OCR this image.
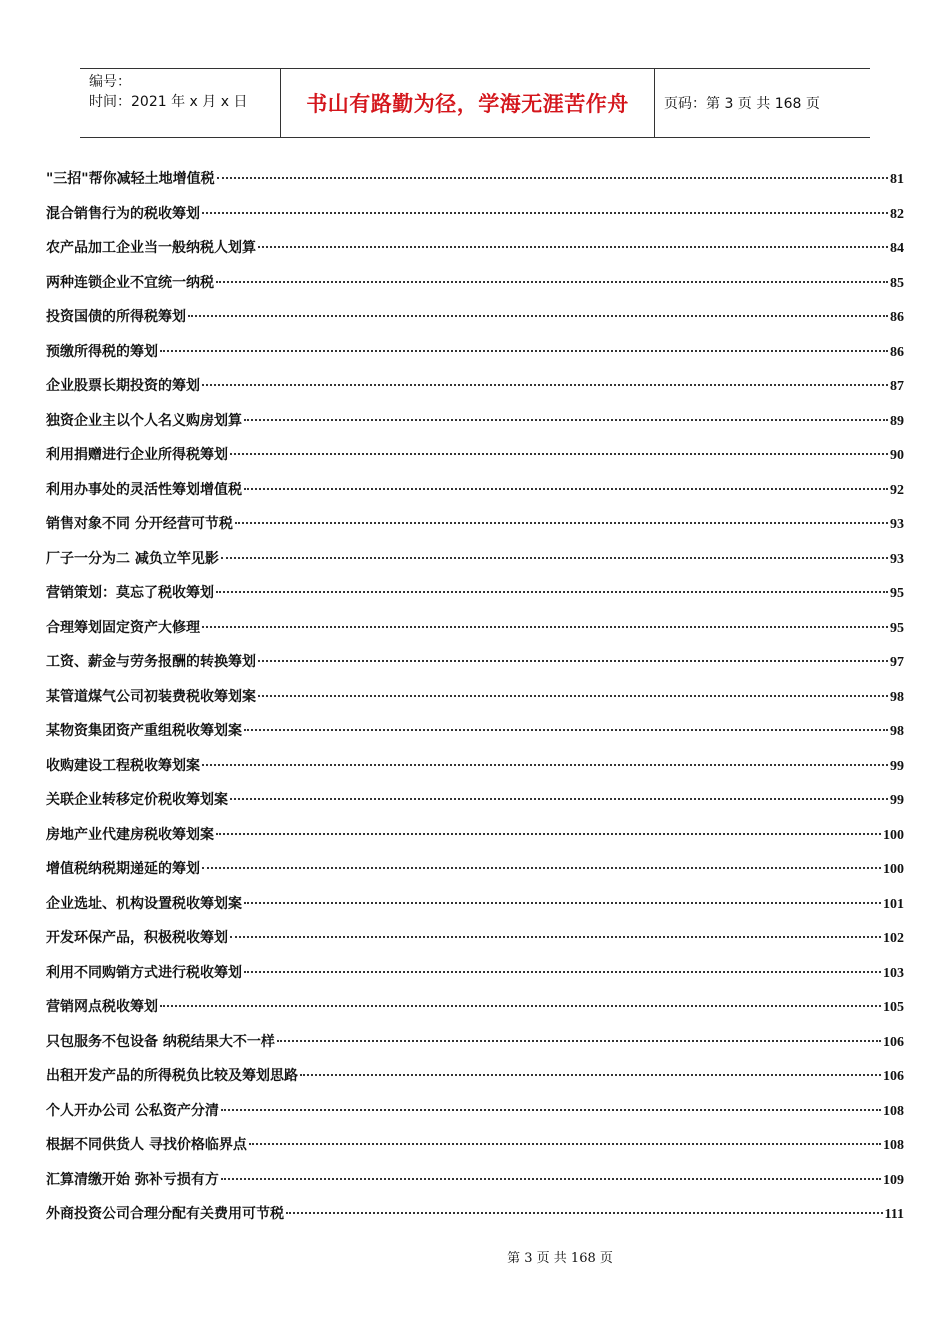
编号：
时间：2021 年 x 月 x 日	书山有路勤为径，学海无涯苦作舟	页码：第 3 页 共 168 页
"三招"帮你减轻土地增值税	81
混合销售行为的税收筹划	82
农产品加工企业当一般纳税人划算	84
两种连锁企业不宜统一纳税	85
投资国债的所得税筹划	86
预缴所得税的筹划	86
企业股票长期投资的筹划	87
独资企业主以个人名义购房划算	89
利用捐赠进行企业所得税筹划	90
利用办事处的灵活性筹划增值税	92
销售对象不同 分开经营可节税	93
厂子一分为二 减负立竿见影	93
营销策划：莫忘了税收筹划	95
合理筹划固定资产大修理	95
工资、薪金与劳务报酬的转换筹划	97
某管道煤气公司初装费税收筹划案	98
某物资集团资产重组税收筹划案	98
收购建设工程税收筹划案	99
关联企业转移定价税收筹划案	99
房地产业代建房税收筹划案	100
增值税纳税期递延的筹划	100
企业选址、机构设置税收筹划案	101
开发环保产品，积极税收筹划	102
利用不同购销方式进行税收筹划	103
营销网点税收筹划	105
只包服务不包设备 纳税结果大不一样	106
出租开发产品的所得税负比较及筹划思路	106
个人开办公司 公私资产分清	108
根据不同供货人 寻找价格临界点	108
汇算清缴开始 弥补亏损有方	109
外商投资公司合理分配有关费用可节税	111
第 3 页 共 168 页
